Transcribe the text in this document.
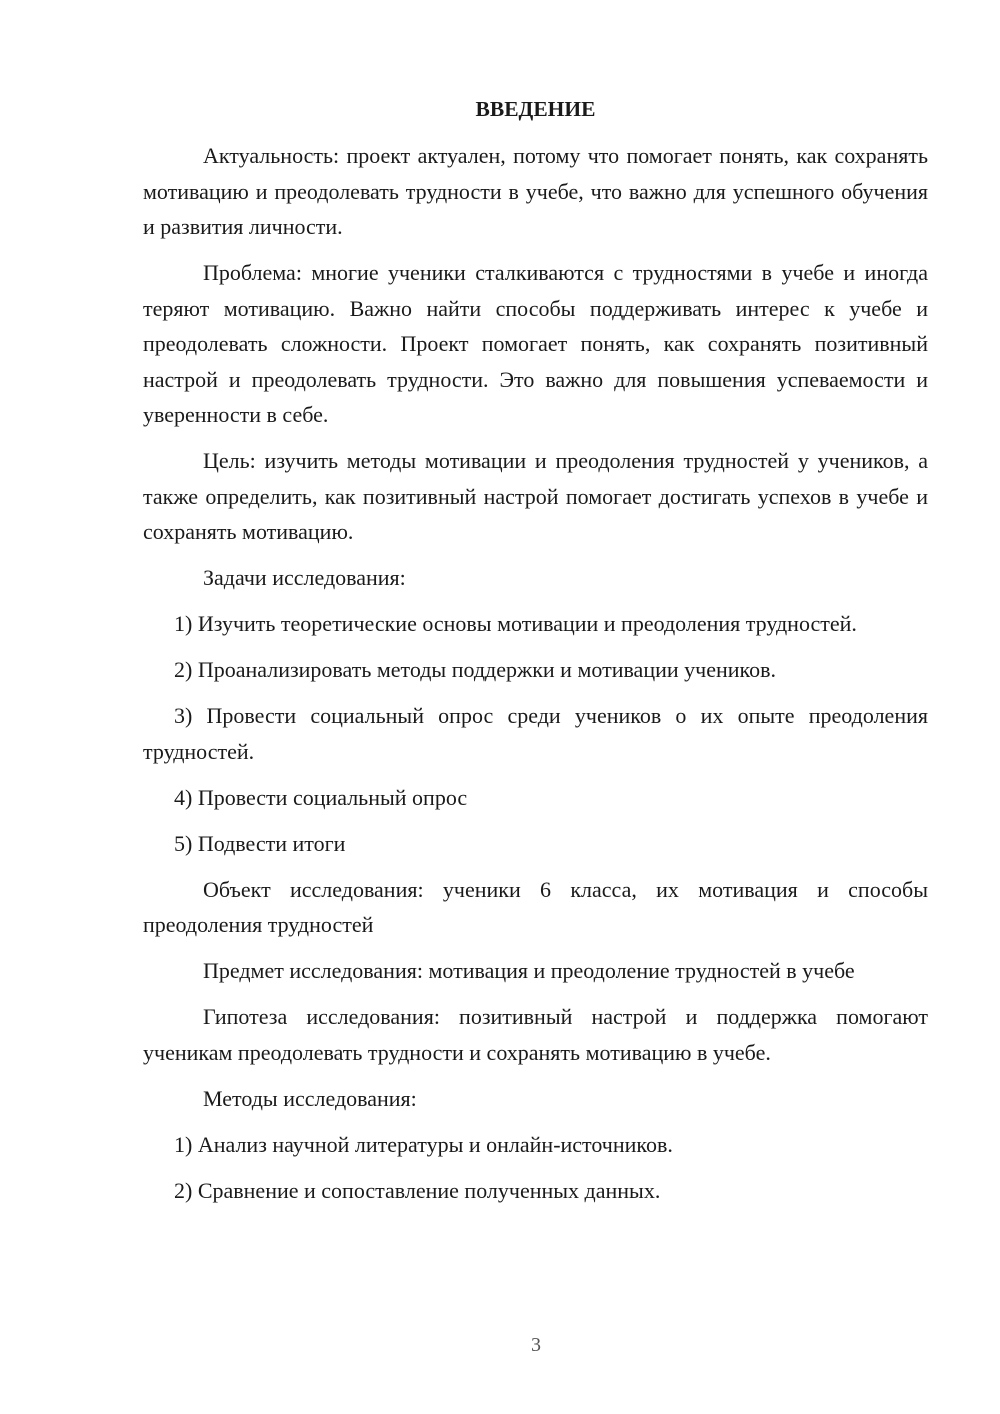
ВВЕДЕНИЕ

Актуальность: проект актуален, потому что помогает понять, как сохранять мотивацию и преодолевать трудности в учебе, что важно для успешного обучения и развития личности.

Проблема: многие ученики сталкиваются с трудностями в учебе и иногда теряют мотивацию. Важно найти способы поддерживать интерес к учебе и преодолевать сложности. Проект помогает понять, как сохранять позитивный настрой и преодолевать трудности. Это важно для повышения успеваемости и уверенности в себе.

Цель: изучить методы мотивации и преодоления трудностей у учеников, а также определить, как позитивный настрой помогает достигать успехов в учебе и сохранять мотивацию.

Задачи исследования:

1) Изучить теоретические основы мотивации и преодоления трудностей.

2) Проанализировать методы поддержки и мотивации учеников.

3) Провести социальный опрос среди учеников о их опыте преодоления трудностей.

4) Провести социальный опрос

5) Подвести итоги

Объект исследования: ученики 6 класса, их мотивация и способы преодоления трудностей

Предмет исследования: мотивация и преодоление трудностей в учебе

Гипотеза исследования: позитивный настрой и поддержка помогают ученикам преодолевать трудности и сохранять мотивацию в учебе.

Методы исследования:

1) Анализ научной литературы и онлайн-источников.

2) Сравнение и сопоставление полученных данных.

3
